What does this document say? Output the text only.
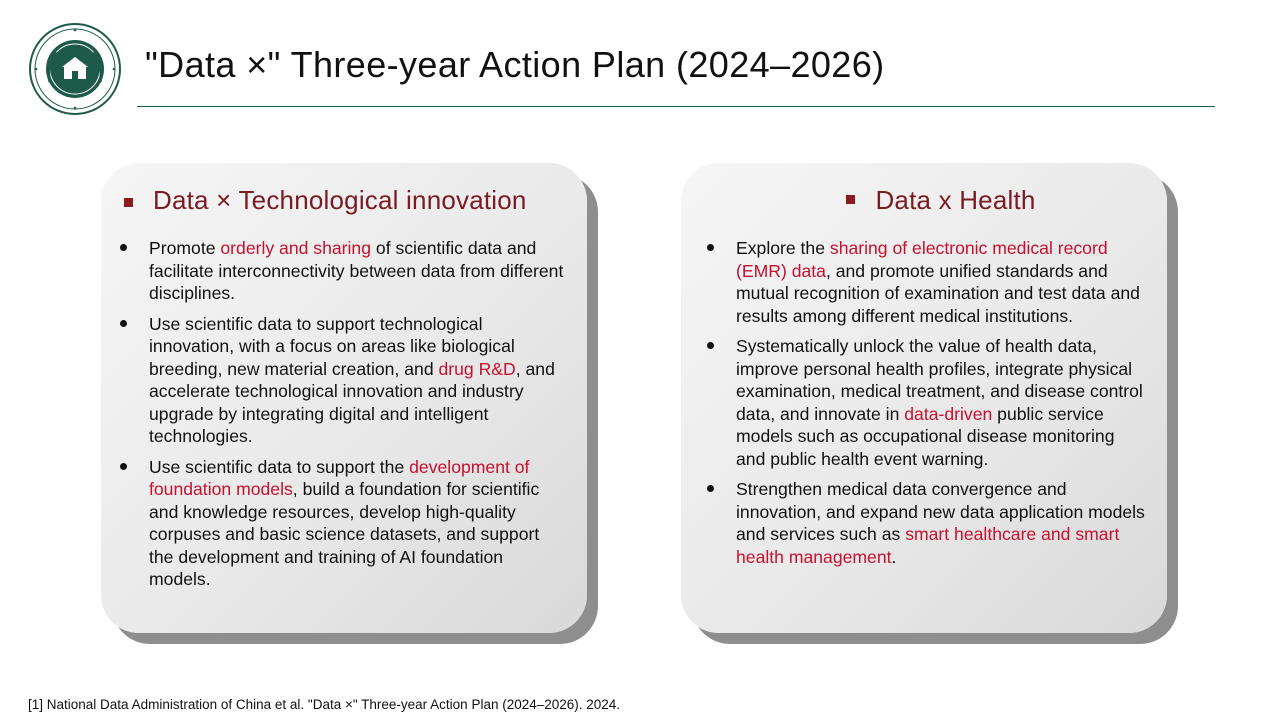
"Data ×" Three-year Action Plan (2024–2026)
Data × Technological innovation
Promote orderly and sharing of scientific data and facilitate interconnectivity between data from different disciplines.
Use scientific data to support technological innovation, with a focus on areas like biological breeding, new material creation, and drug R&D, and accelerate technological innovation and industry upgrade by integrating digital and intelligent technologies.
Use scientific data to support the development of foundation models, build a foundation for scientific and knowledge resources, develop high-quality corpuses and basic science datasets, and support the development and training of AI foundation models.
Data x Health
Explore the sharing of electronic medical record (EMR) data, and promote unified standards and mutual recognition of examination and test data and results among different medical institutions.
Systematically unlock the value of health data, improve personal health profiles, integrate physical examination, medical treatment, and disease control data, and innovate in data-driven public service models such as occupational disease monitoring and public health event warning.
Strengthen medical data convergence and innovation, and expand new data application models and services such as smart healthcare and smart health management.
[1] National Data Administration of China et al. "Data ×" Three-year Action Plan (2024–2026). 2024.
